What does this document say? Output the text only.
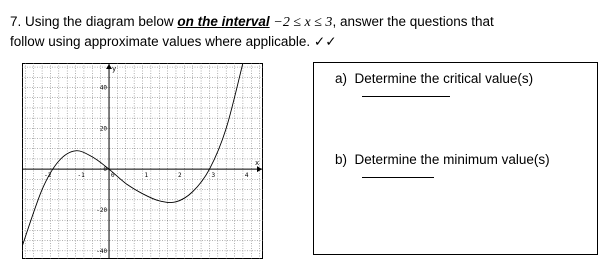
7. Using the diagram below on the interval −2 ≤ x ≤ 3, answer the questions that
follow using approximate values where applicable. ✓✓
x
y
-2	-1	0	1	2	3	4
40
20
0
-20
-40
a) Determine the critical value(s)
b) Determine the minimum value(s)
